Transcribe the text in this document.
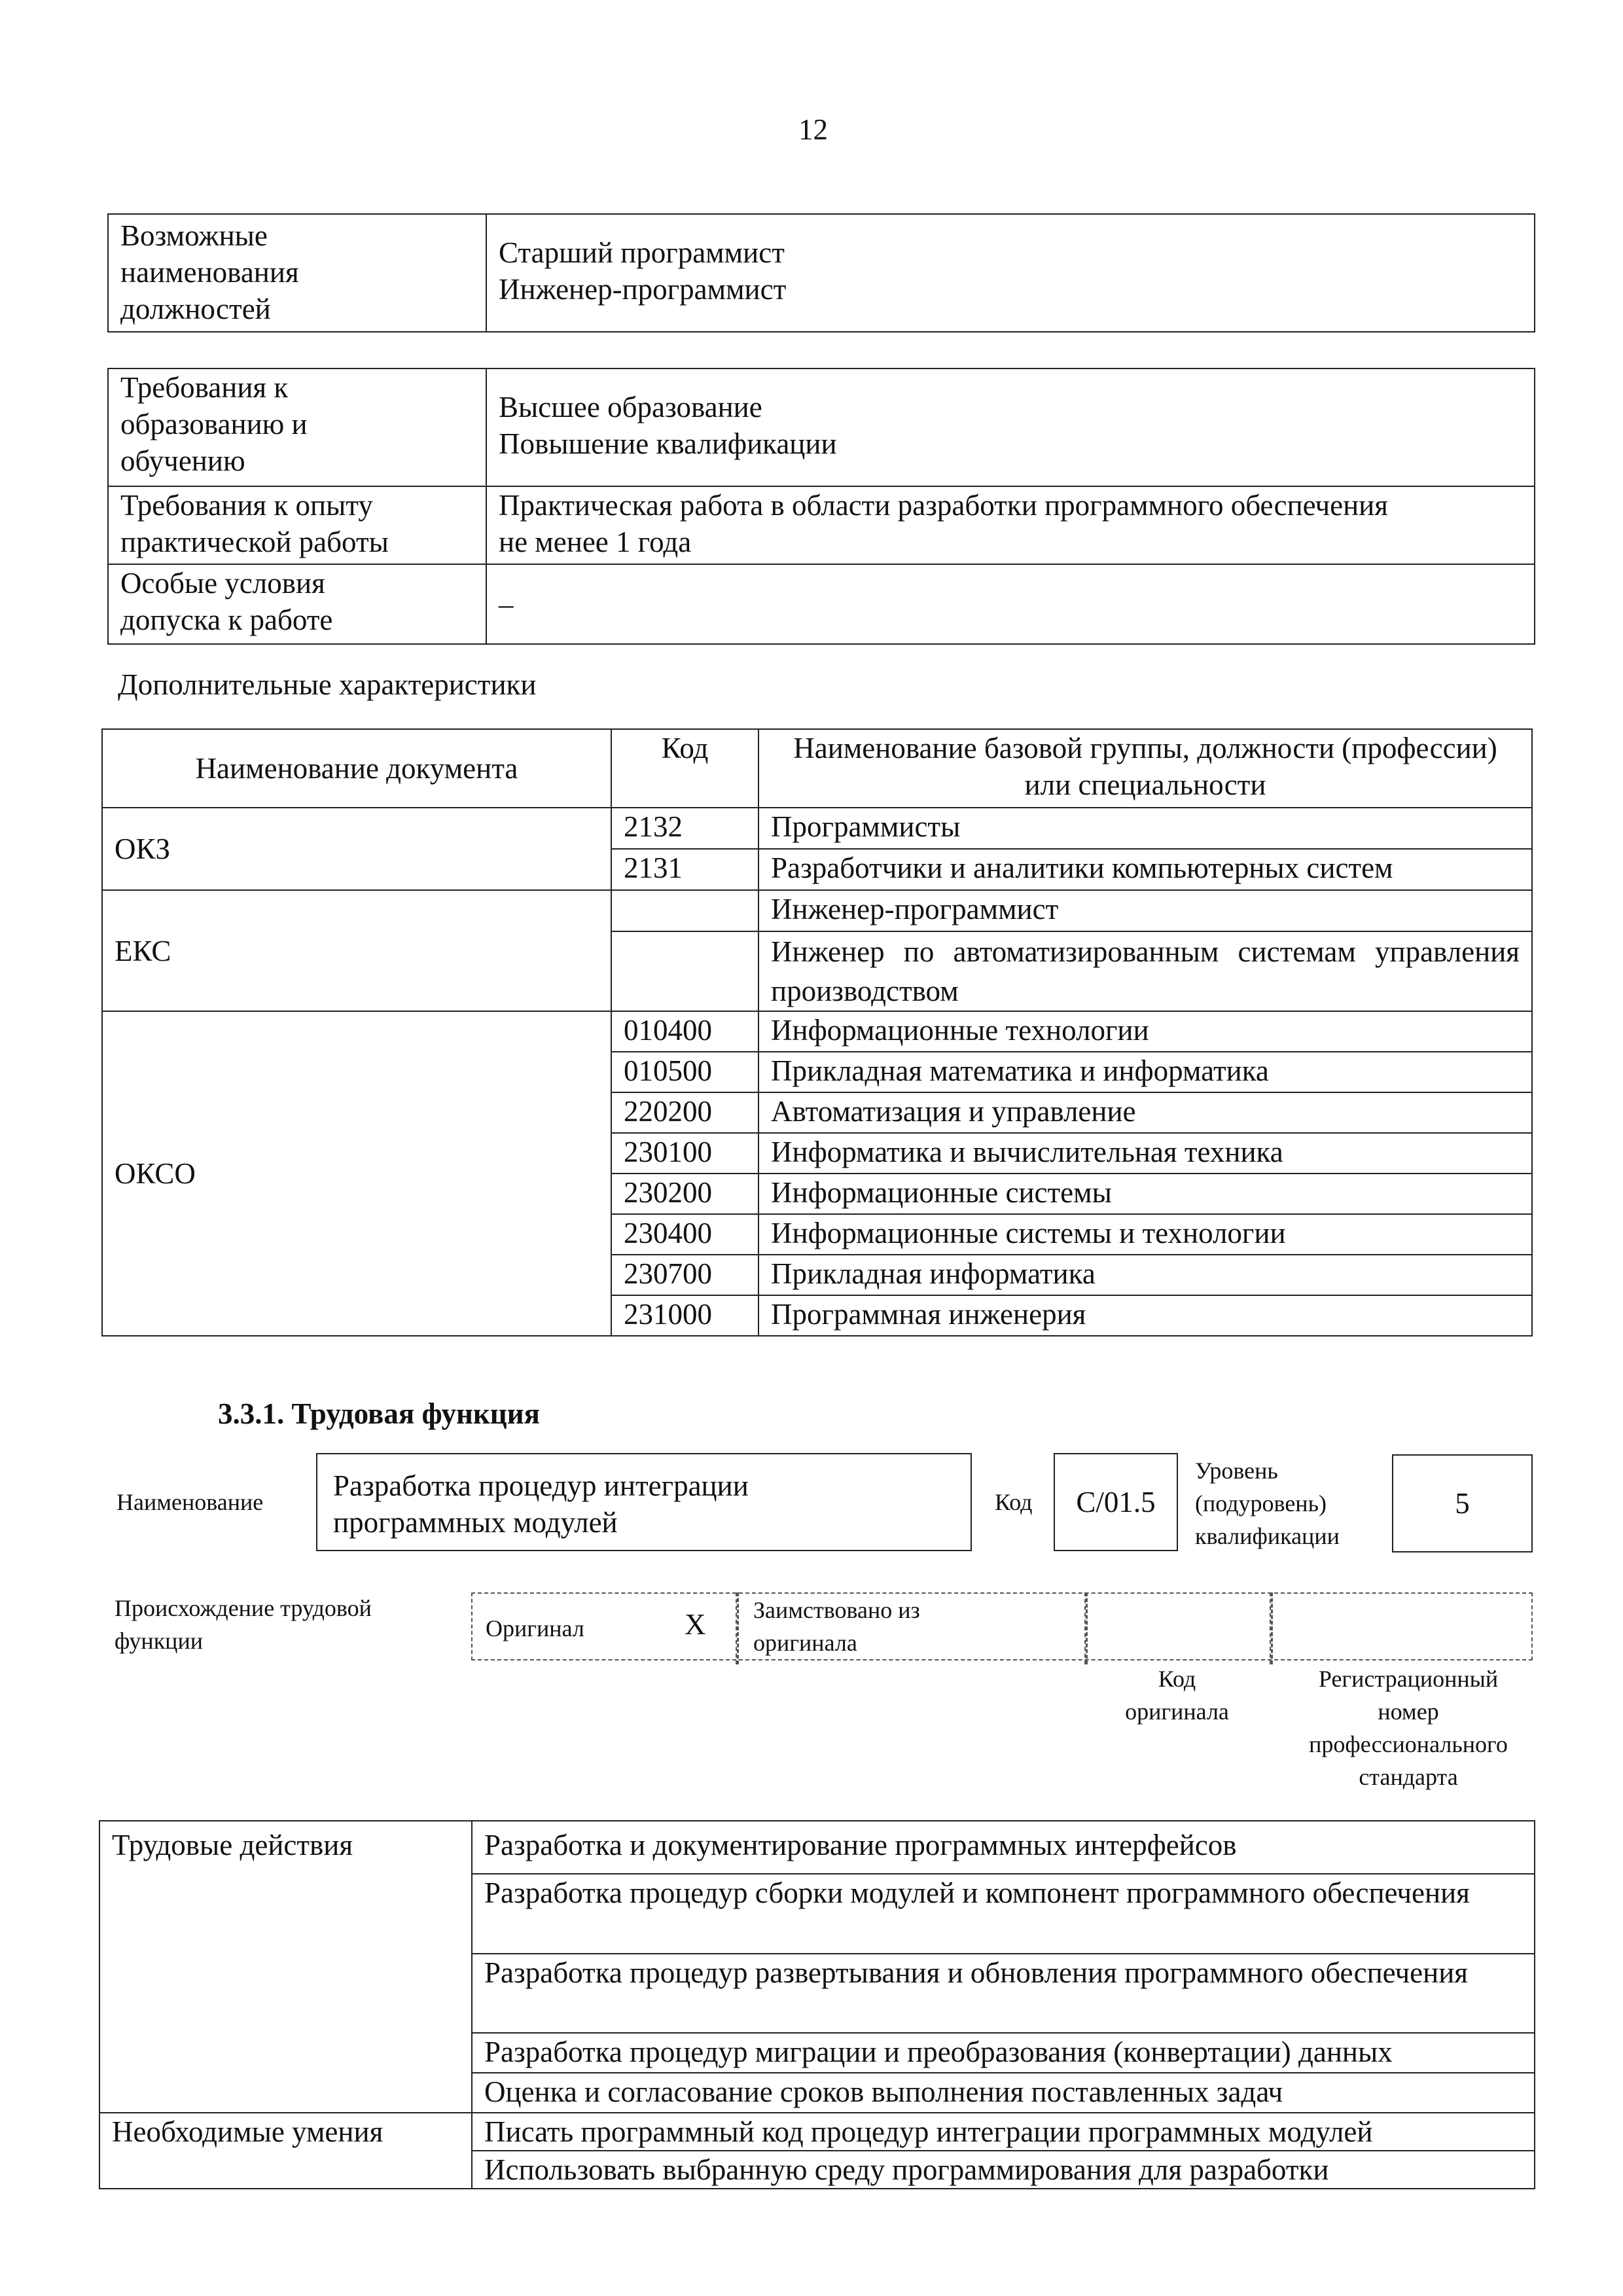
12
Возможные
наименования
должностей

Старший программист
Инженер-программист
Требования к
образованию и
обучению	Высшее образование
Повышение квалификации

Требования к опыту
практической работы	Практическая работа в области разработки программного обеспечения
не менее 1 года

Особые условия
допуска к работе	–
Дополнительные характеристики
Наименование документа	Код	Наименование базовой группы, должности (профессии) или специальности
ОКЗ	2132	Программисты
	2131	Разработчики и аналитики компьютерных систем
ЕКС		Инженер-программист
		Инженер по автоматизированным системам управления производством
ОКСО	010400	Информационные технологии
	010500	Прикладная математика и информатика
	220200	Автоматизация и управление
	230100	Информатика и вычислительная техника
	230200	Информационные системы
	230400	Информационные системы и технологии
	230700	Прикладная информатика
	231000	Программная инженерия
3.3.1. Трудовая функция
Наименование Разработка процедур интеграции
программных модулей
Код	C/01.5
Уровень
(подуровень)
квалификации
5
Происхождение трудовой
функции	Оригинал	X Заимствовано из
оригинала
Код
оригинала
Регистрационный
номер
профессионального
стандарта
Трудовые действия	Разработка и документирование программных интерфейсов
	Разработка процедур сборки модулей и компонент программного обеспечения
	Разработка процедур развертывания и обновления программного обеспечения
	Разработка процедур миграции и преобразования (конвертации) данных
	Оценка и согласование сроков выполнения поставленных задач
Необходимые умения	Писать программный код процедур интеграции программных модулей
	Использовать выбранную среду программирования для разработки
